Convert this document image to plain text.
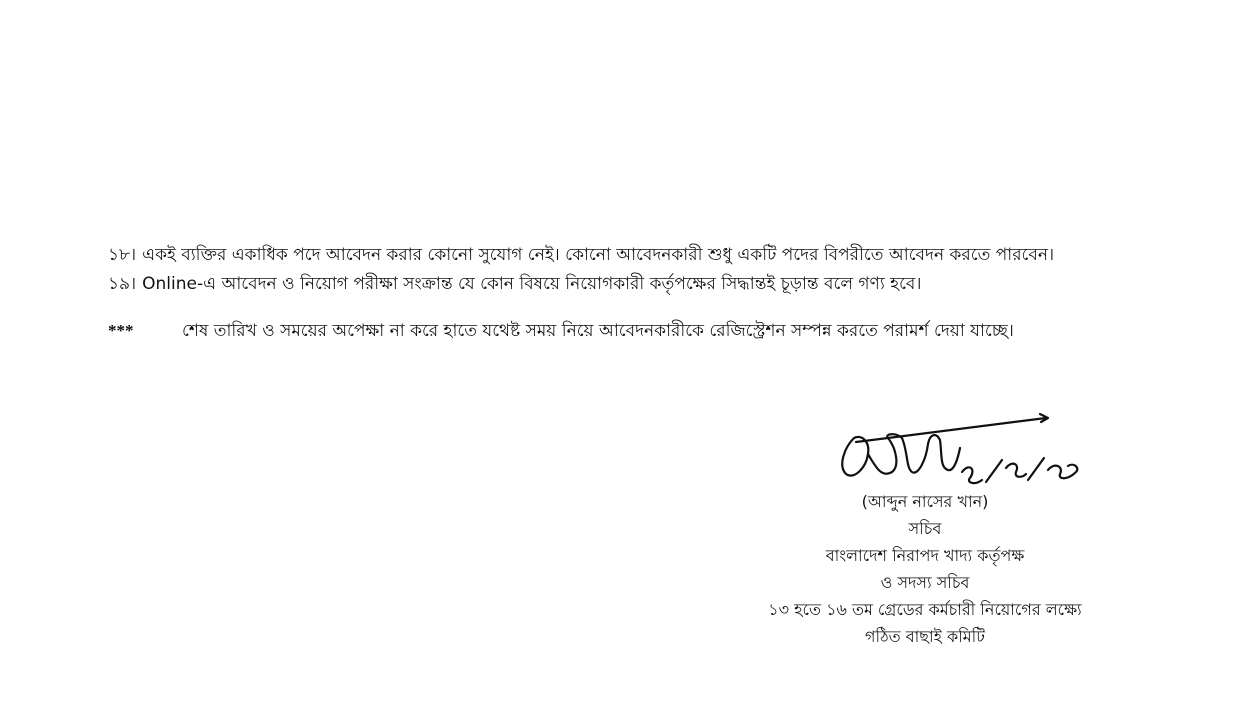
১৮। একই ব্যক্তির একাধিক পদে আবেদন করার কোনো সুযোগ নেই। কোনো আবেদনকারী শুধু একটি পদের বিপরীতে আবেদন করতে পারবেন।
১৯। Online-এ আবেদন ও নিয়োগ পরীক্ষা সংক্রান্ত যে কোন বিষয়ে নিয়োগকারী কর্তৃপক্ষের সিদ্ধান্তই চূড়ান্ত বলে গণ্য হবে।
***	শেষ তারিখ ও সময়ের অপেক্ষা না করে হাতে যথেষ্ট সময় নিয়ে আবেদনকারীকে রেজিস্ট্রেশন সম্পন্ন করতে পরামর্শ দেয়া যাচ্ছে।
(আব্দুন নাসের খান)
সচিব
বাংলাদেশ নিরাপদ খাদ্য কর্তৃপক্ষ
ও সদস্য সচিব
১৩ হতে ১৬ তম গ্রেডের কর্মচারী নিয়োগের লক্ষ্যে
গঠিত বাছাই কমিটি
